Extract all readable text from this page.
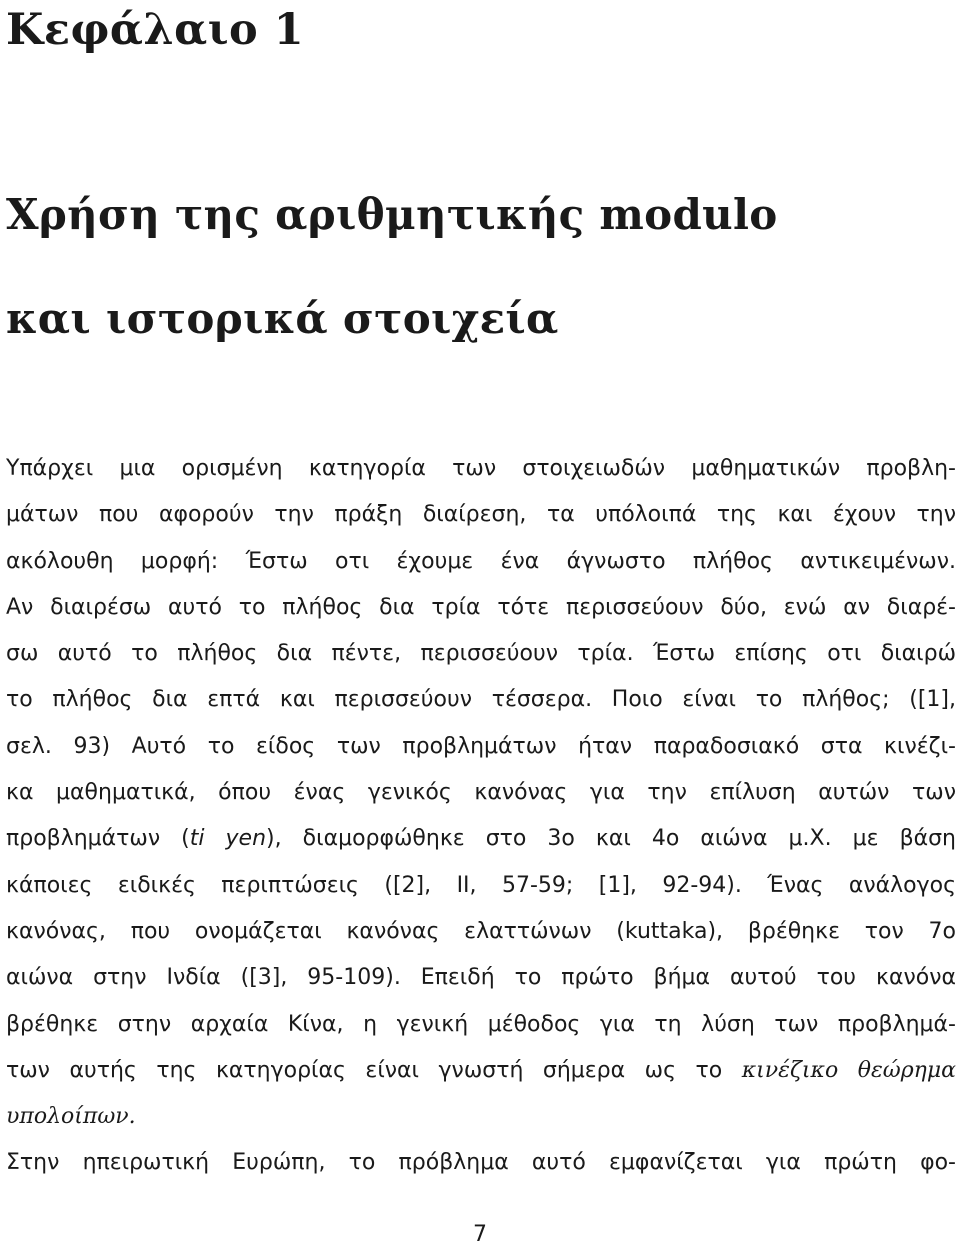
Κεφάλαιο 1
Χρήση της αριθμητικής modulo
και ιστορικά στοιχεία
Υπάρχει μια ορισμένη κατηγορία των στοιχειωδών μαθηματικών προβλη-
μάτων που αφορούν την πράξη διαίρεση, τα υπόλοιπά της και έχουν την
ακόλουθη μορφή: Έστω οτι έχουμε ένα άγνωστο πλήθος αντικειμένων.
Αν διαιρέσω αυτό το πλήθος δια τρία τότε περισσεύουν δύο, ενώ αν διαρέ-
σω αυτό το πλήθος δια πέντε, περισσεύουν τρία. Έστω επίσης οτι διαιρώ
το πλήθος δια επτά και περισσεύουν τέσσερα. Ποιο είναι το πλήθος; ([1],
σελ. 93) Αυτό το είδος των προβλημάτων ήταν παραδοσιακό στα κινέζι-
κα μαθηματικά, όπου ένας γενικός κανόνας για την επίλυση αυτών των
προβλημάτων (ti yen), διαμορφώθηκε στο 3ο και 4ο αιώνα μ.Χ. με βάση
κάποιες ειδικές περιπτώσεις ([2], II, 57-59; [1], 92-94). Ένας ανάλογος
κανόνας, που ονομάζεται κανόνας ελαττώνων (kuttaka), βρέθηκε τον 7ο
αιώνα στην Ινδία ([3], 95-109). Επειδή το πρώτο βήμα αυτού του κανόνα
βρέθηκε στην αρχαία Κίνα, η γενική μέθοδος για τη λύση των προβλημά-
των αυτής της κατηγορίας είναι γνωστή σήμερα ως το κινέζικο θεώρημα
υπολοίπων.
Στην ηπειρωτική Ευρώπη, το πρόβλημα αυτό εμφανίζεται για πρώτη φο-
7
